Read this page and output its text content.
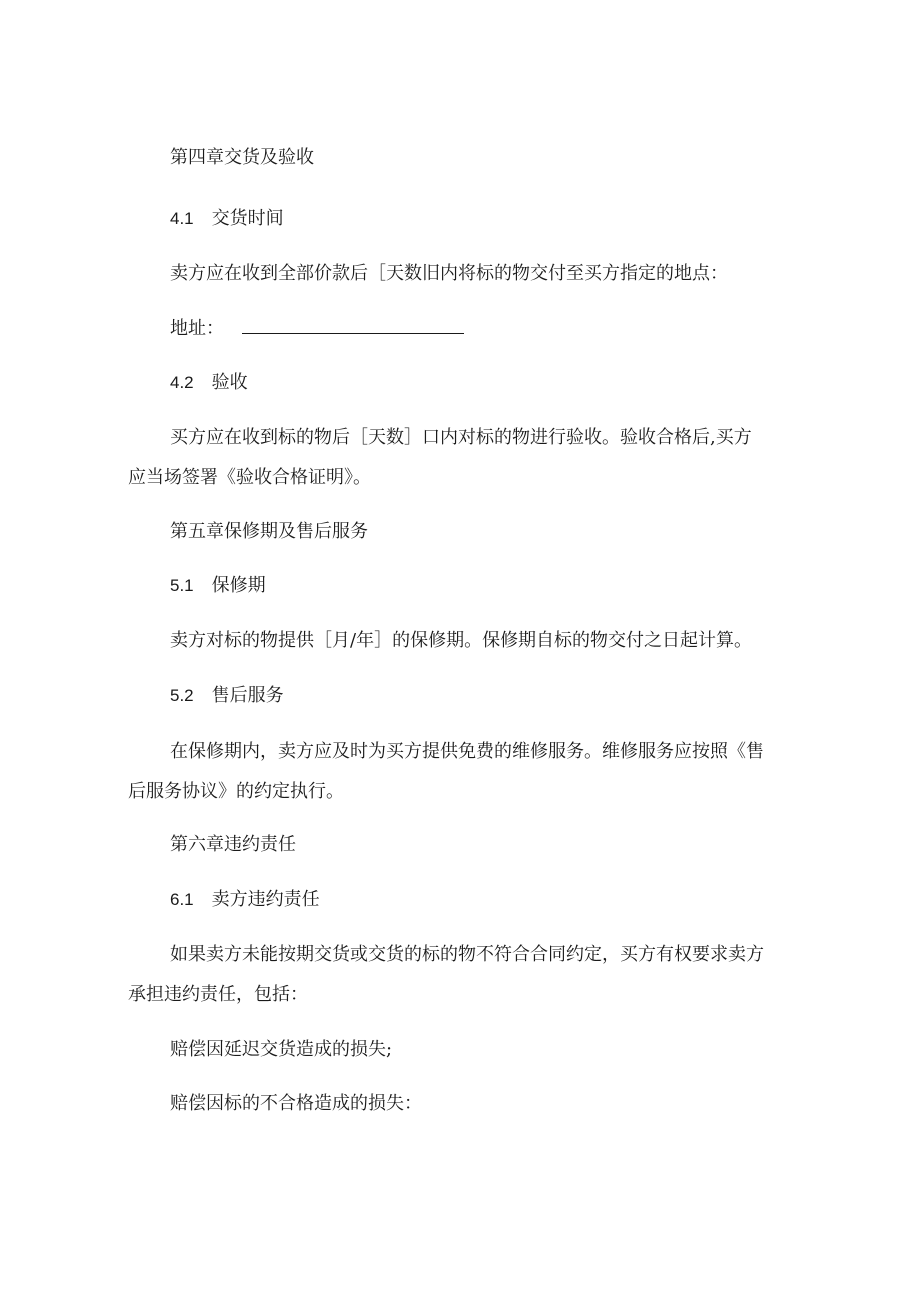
第四章交货及验收
4.1 交货时间
卖方应在收到全部价款后［天数旧内将标的物交付至买方指定的地点：
地址：
4.2 验收
买方应在收到标的物后［天数］口内对标的物进行验收。验收合格后,买方
应当场签署《验收合格证明》。
第五章保修期及售后服务
5.1 保修期
卖方对标的物提供［月/年］的保修期。保修期自标的物交付之日起计算。
5.2 售后服务
在保修期内，卖方应及时为买方提供免费的维修服务。维修服务应按照《售
后服务协议》的约定执行。
第六章违约责任
6.1 卖方违约责任
如果卖方未能按期交货或交货的标的物不符合合同约定，买方有权要求卖方
承担违约责任，包括：
赔偿因延迟交货造成的损失;
赔偿因标的不合格造成的损失：
